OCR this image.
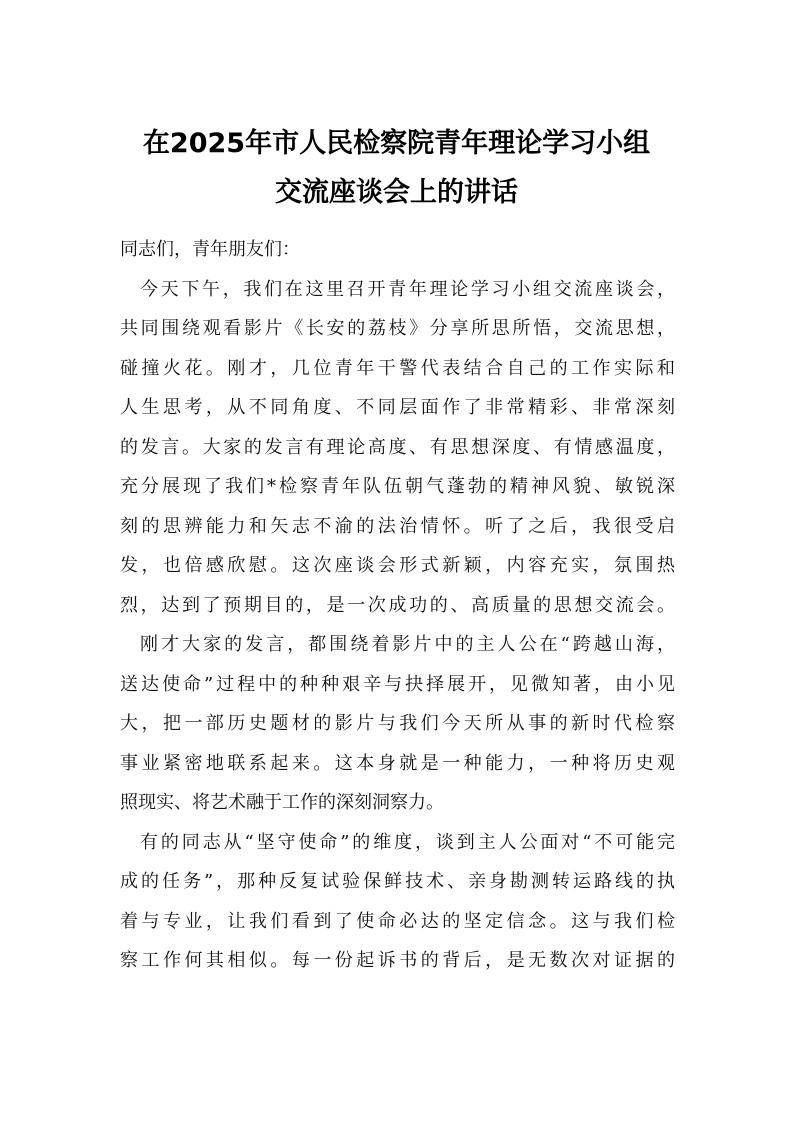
在2025年市人民检察院青年理论学习小组
交流座谈会上的讲话
同志们，青年朋友们：
今天下午，我们在这里召开青年理论学习小组交流座谈会，
共同围绕观看影片《长安的荔枝》分享所思所悟，交流思想，
碰撞火花。刚才，几位青年干警代表结合自己的工作实际和
人生思考，从不同角度、不同层面作了非常精彩、非常深刻
的发言。大家的发言有理论高度、有思想深度、有情感温度，
充分展现了我们*检察青年队伍朝气蓬勃的精神风貌、敏锐深
刻的思辨能力和矢志不渝的法治情怀。听了之后，我很受启
发，也倍感欣慰。这次座谈会形式新颖，内容充实，氛围热
烈，达到了预期目的，是一次成功的、高质量的思想交流会。
刚才大家的发言，都围绕着影片中的主人公在“跨越山海，
送达使命”过程中的种种艰辛与抉择展开，见微知著，由小见
大，把一部历史题材的影片与我们今天所从事的新时代检察
事业紧密地联系起来。这本身就是一种能力，一种将历史观
照现实、将艺术融于工作的深刻洞察力。
有的同志从“坚守使命”的维度，谈到主人公面对“不可能完
成的任务”，那种反复试验保鲜技术、亲身勘测转运路线的执
着与专业，让我们看到了使命必达的坚定信念。这与我们检
察工作何其相似。每一份起诉书的背后，是无数次对证据的
